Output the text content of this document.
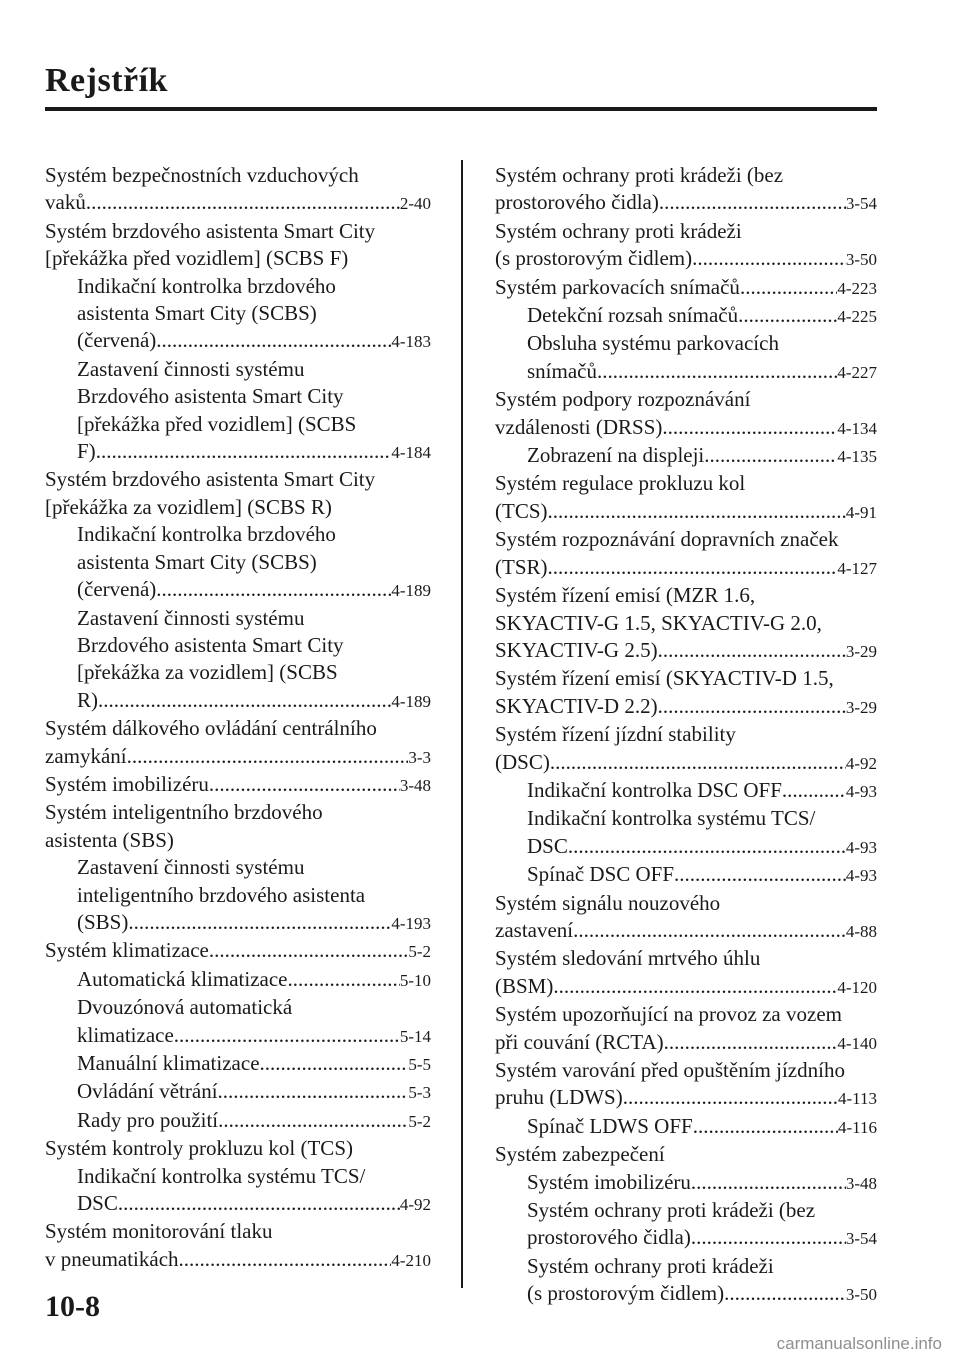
Rejstřík
Systém bezpečnostních vzduchových
vaků .....	2-40
Systém brzdového asistenta Smart City
[překážka před vozidlem] (SCBS F)
Indikační kontrolka brzdového
asistenta Smart City (SCBS)
(červená) .....	4-183
Zastavení činnosti systému
Brzdového asistenta Smart City
[překážka před vozidlem] (SCBS
F) .....	4-184
Systém brzdového asistenta Smart City
[překážka za vozidlem] (SCBS R)
Indikační kontrolka brzdového
asistenta Smart City (SCBS)
(červená) .....	4-189
Zastavení činnosti systému
Brzdového asistenta Smart City
[překážka za vozidlem] (SCBS
R) .....	4-189
Systém dálkového ovládání centrálního
zamykání .....	3-3
Systém imobilizéru .....	3-48
Systém inteligentního brzdového
asistenta (SBS)
Zastavení činnosti systému
inteligentního brzdového asistenta
(SBS) .....	4-193
Systém klimatizace .....	5-2
Automatická klimatizace .....	5-10
Dvouzónová automatická
klimatizace .....	5-14
Manuální klimatizace .....	5-5
Ovládání větrání .....	5-3
Rady pro použití .....	5-2
Systém kontroly prokluzu kol (TCS)
Indikační kontrolka systému TCS/
DSC .....	4-92
Systém monitorování tlaku
v pneumatikách .....	4-210
Systém ochrany proti krádeži (bez
prostorového čidla) .....	3-54
Systém ochrany proti krádeži
(s prostorovým čidlem) .....	3-50
Systém parkovacích snímačů .....	4-223
Detekční rozsah snímačů .....	4-225
Obsluha systému parkovacích
snímačů .....	4-227
Systém podpory rozpoznávání
vzdálenosti (DRSS) .....	4-134
Zobrazení na displeji .....	4-135
Systém regulace prokluzu kol
(TCS) .....	4-91
Systém rozpoznávání dopravních značek
(TSR) .....	4-127
Systém řízení emisí (MZR 1.6,
SKYACTIV-G 1.5, SKYACTIV-G 2.0,
SKYACTIV-G 2.5) .....	3-29
Systém řízení emisí (SKYACTIV-D 1.5,
SKYACTIV-D 2.2) .....	3-29
Systém řízení jízdní stability
(DSC) .....	4-92
Indikační kontrolka DSC OFF .....	4-93
Indikační kontrolka systému TCS/
DSC .....	4-93
Spínač DSC OFF .....	4-93
Systém signálu nouzového
zastavení .....	4-88
Systém sledování mrtvého úhlu
(BSM) .....	4-120
Systém upozorňující na provoz za vozem
při couvání (RCTA) .....	4-140
Systém varování před opuštěním jízdního
pruhu (LDWS) .....	4-113
Spínač LDWS OFF .....	4-116
Systém zabezpečení
Systém imobilizéru .....	3-48
Systém ochrany proti krádeži (bez
prostorového čidla) .....	3-54
Systém ochrany proti krádeži
(s prostorovým čidlem) .....	3-50
10-8
carmanualsonline.info
